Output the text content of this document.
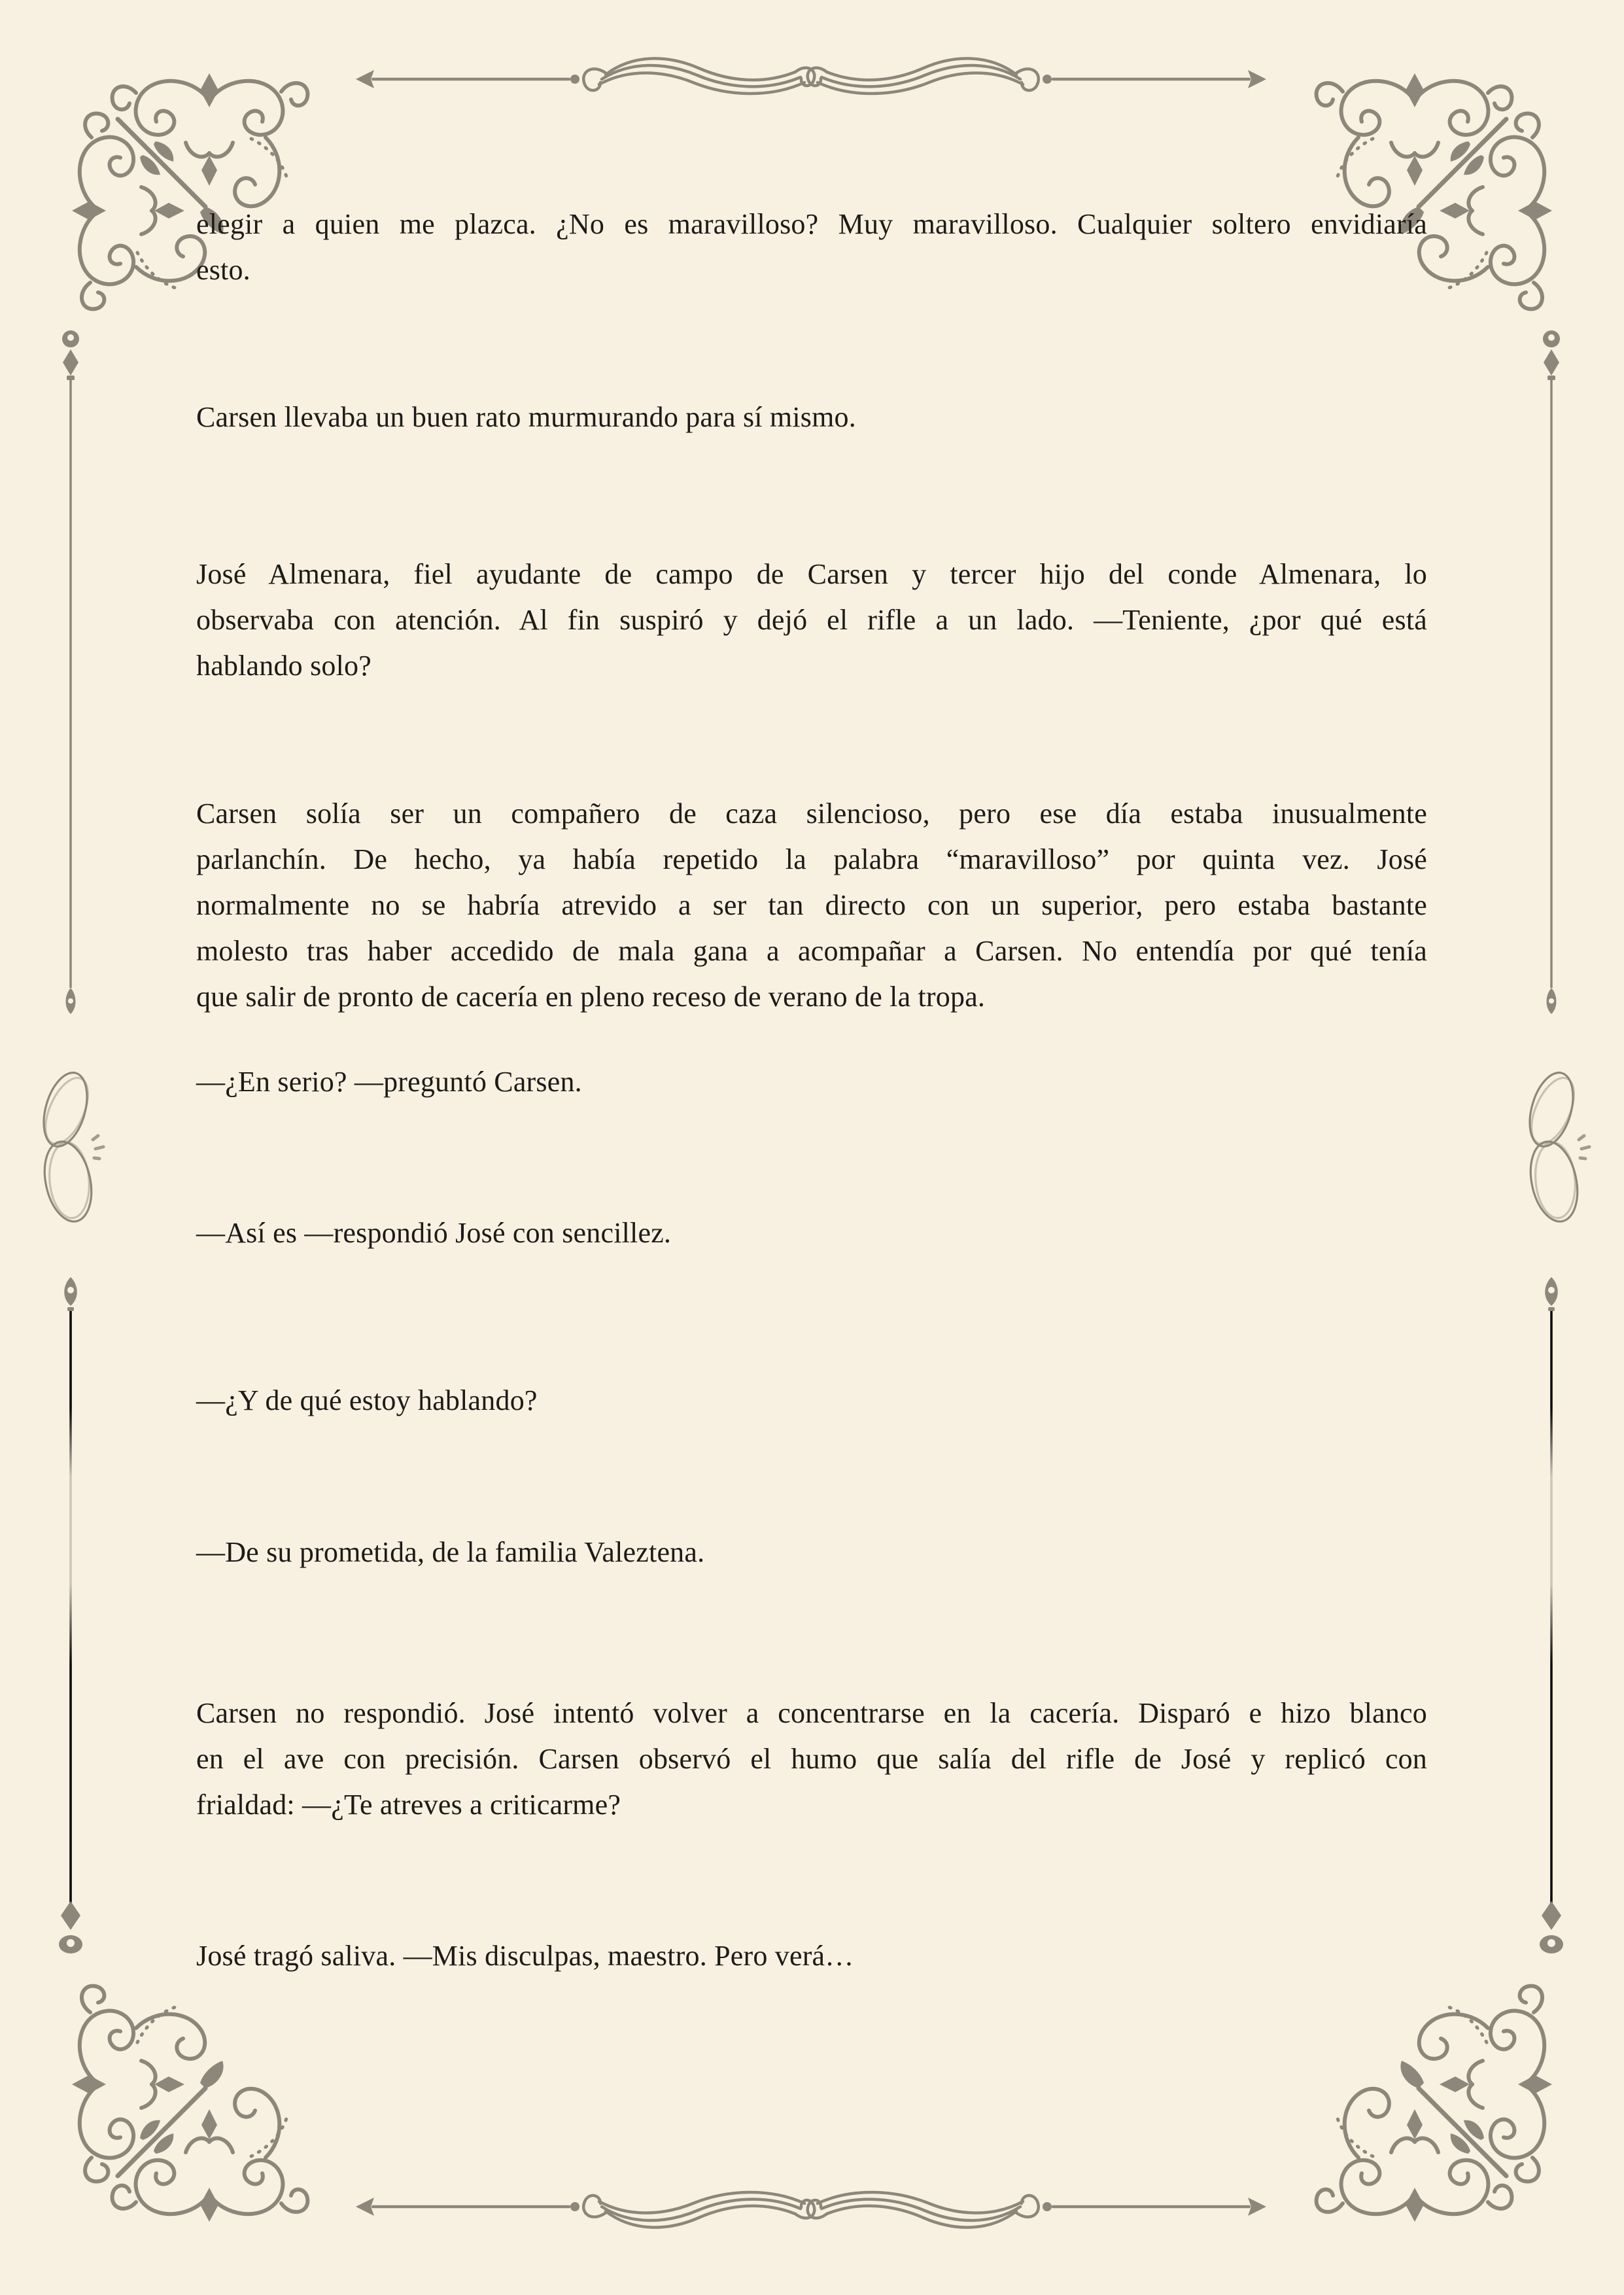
elegir a quien me plazca. ¿No es maravilloso? Muy maravilloso. Cualquier soltero envidiaría
esto.
Carsen llevaba un buen rato murmurando para sí mismo.
José Almenara, fiel ayudante de campo de Carsen y tercer hijo del conde Almenara, lo
observaba con atención. Al fin suspiró y dejó el rifle a un lado. —Teniente, ¿por qué está
hablando solo?
Carsen solía ser un compañero de caza silencioso, pero ese día estaba inusualmente
parlanchín. De hecho, ya había repetido la palabra “maravilloso” por quinta vez. José
normalmente no se habría atrevido a ser tan directo con un superior, pero estaba bastante
molesto tras haber accedido de mala gana a acompañar a Carsen. No entendía por qué tenía
que salir de pronto de cacería en pleno receso de verano de la tropa.
—¿En serio? —preguntó Carsen.
—Así es —respondió José con sencillez.
—¿Y de qué estoy hablando?
—De su prometida, de la familia Valeztena.
Carsen no respondió. José intentó volver a concentrarse en la cacería. Disparó e hizo blanco
en el ave con precisión. Carsen observó el humo que salía del rifle de José y replicó con
frialdad: —¿Te atreves a criticarme?
José tragó saliva. —Mis disculpas, maestro. Pero verá…
